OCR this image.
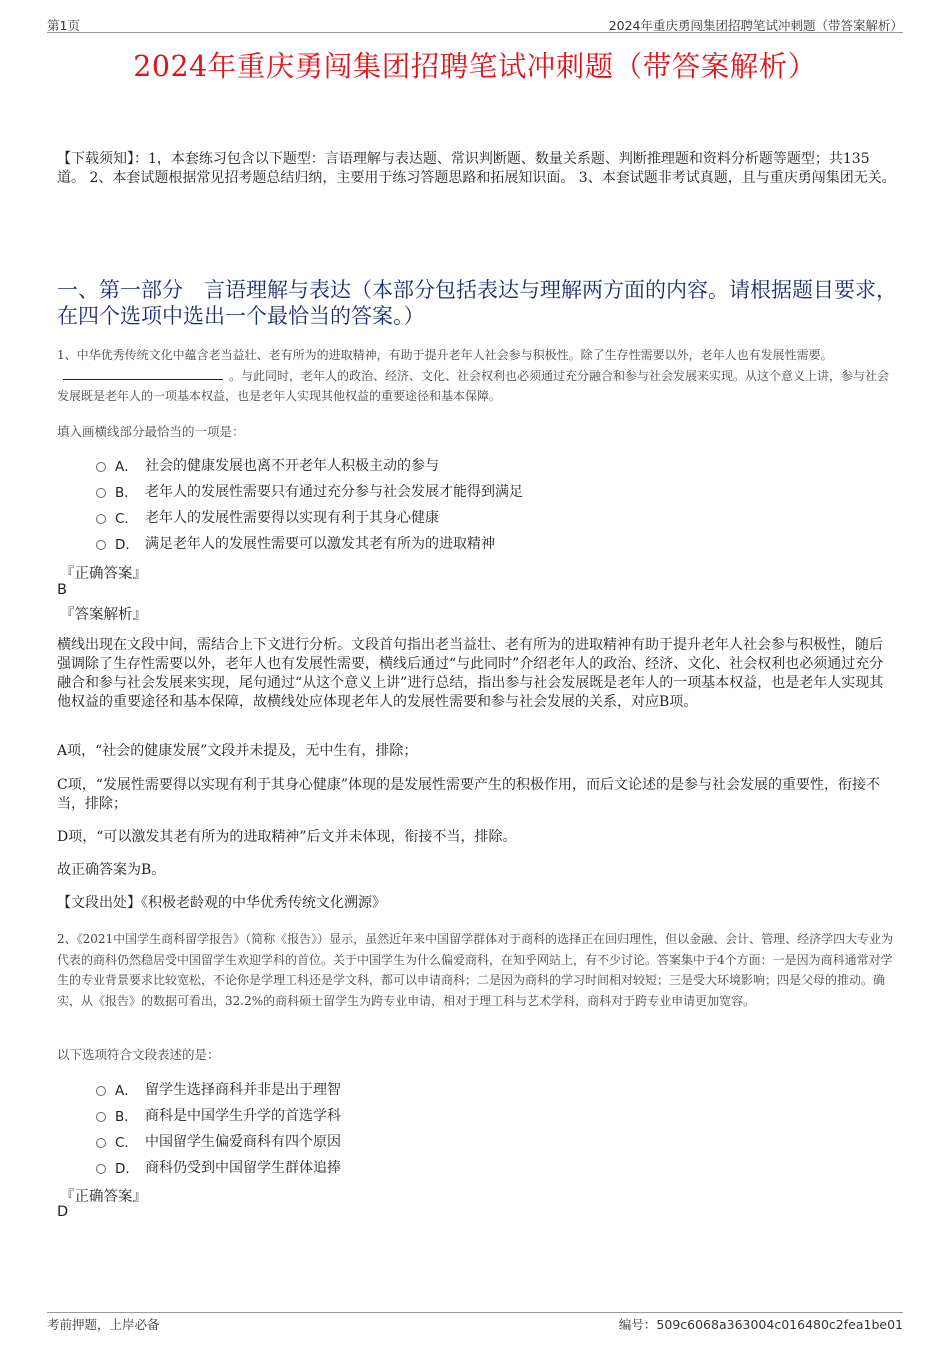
第1页	2024年重庆勇闯集团招聘笔试冲刺题（带答案解析）
2024年重庆勇闯集团招聘笔试冲刺题（带答案解析）
【下载须知】：1，本套练习包含以下题型：言语理解与表达题、常识判断题、数量关系题、判断推理题和资料分析题等题型；共135道。 2、本套试题根据常见招考题总结归纳，主要用于练习答题思路和拓展知识面。 3、本套试题非考试真题，且与重庆勇闯集团无关。
一、第一部分　言语理解与表达（本部分包括表达与理解两方面的内容。请根据题目要求，在四个选项中选出一个最恰当的答案。）
1、中华优秀传统文化中蕴含老当益壮、老有所为的进取精神，有助于提升老年人社会参与积极性。除了生存性需要以外，老年人也有发展性需要。。与此同时，老年人的政治、经济、文化、社会权利也必须通过充分融合和参与社会发展来实现。从这个意义上讲，参与社会发展既是老年人的一项基本权益，也是老年人实现其他权益的重要途径和基本保障。
填入画横线部分最恰当的一项是：
A． 社会的健康发展也离不开老年人积极主动的参与
B． 老年人的发展性需要只有通过充分参与社会发展才能得到满足
C． 老年人的发展性需要得以实现有利于其身心健康
D． 满足老年人的发展性需要可以激发其老有所为的进取精神
『正确答案』
B
『答案解析』
横线出现在文段中间，需结合上下文进行分析。文段首句指出老当益壮、老有所为的进取精神有助于提升老年人社会参与积极性，随后强调除了生存性需要以外，老年人也有发展性需要，横线后通过“与此同时”介绍老年人的政治、经济、文化、社会权利也必须通过充分融合和参与社会发展来实现，尾句通过“从这个意义上讲”进行总结，指出参与社会发展既是老年人的一项基本权益，也是老年人实现其他权益的重要途径和基本保障，故横线处应体现老年人的发展性需要和参与社会发展的关系，对应B项。
A项，“社会的健康发展”文段并未提及，无中生有，排除；
C项，“发展性需要得以实现有利于其身心健康”体现的是发展性需要产生的积极作用，而后文论述的是参与社会发展的重要性，衔接不当，排除；
D项，“可以激发其老有所为的进取精神”后文并未体现，衔接不当，排除。
故正确答案为B。
【文段出处】《积极老龄观的中华优秀传统文化溯源》
2、《2021中国学生商科留学报告》（简称《报告》）显示，虽然近年来中国留学群体对于商科的选择正在回归理性，但以金融、会计、管理、经济学四大专业为代表的商科仍然稳居受中国留学生欢迎学科的首位。关于中国学生为什么偏爱商科，在知乎网站上，有不少讨论。答案集中于4个方面：一是因为商科通常对学生的专业背景要求比较宽松，不论你是学理工科还是学文科，都可以申请商科；二是因为商科的学习时间相对较短；三是受大环境影响；四是父母的推动。确实，从《报告》的数据可看出，32.2%的商科硕士留学生为跨专业申请，相对于理工科与艺术学科，商科对于跨专业申请更加宽容。
以下选项符合文段表述的是：
A． 留学生选择商科并非是出于理智
B． 商科是中国学生升学的首选学科
C． 中国留学生偏爱商科有四个原因
D． 商科仍受到中国留学生群体追捧
『正确答案』
D
考前押题，上岸必备	编号：509c6068a363004c016480c2fea1be01
